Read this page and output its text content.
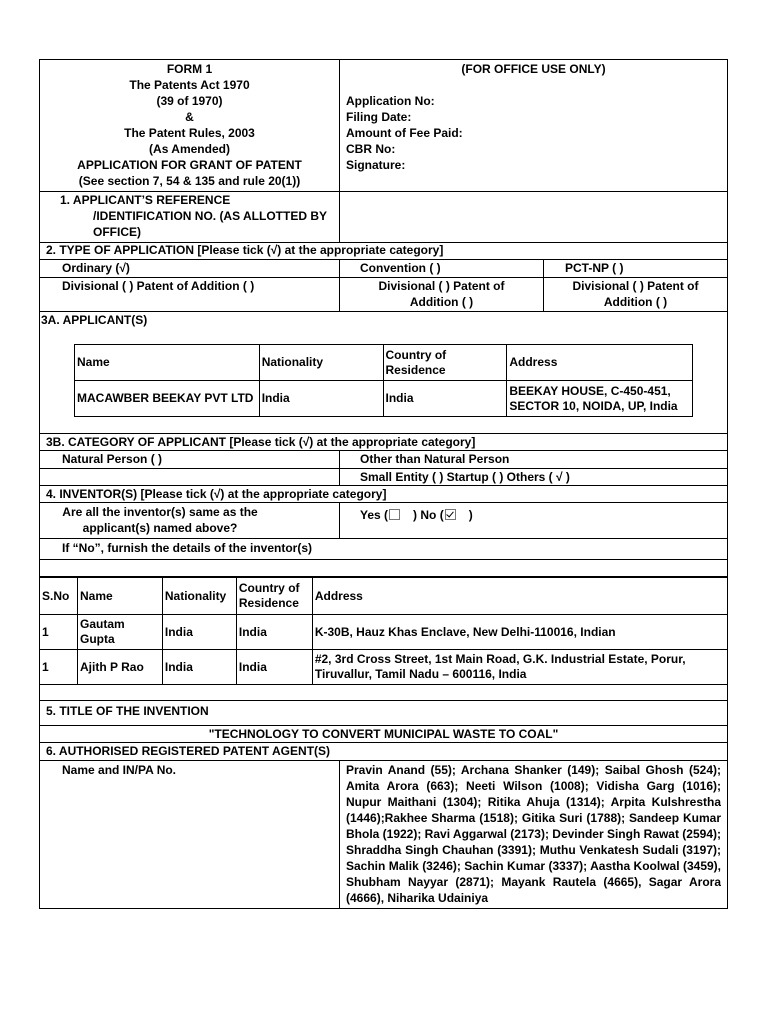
FORM 1
The Patents Act 1970
(39 of 1970)
&
The Patent Rules, 2003
(As Amended)
APPLICATION FOR GRANT OF PATENT
(See section 7, 54 & 135 and rule 20(1))
(FOR OFFICE USE ONLY)
Application No:
Filing Date:
Amount of Fee Paid:
CBR No:
Signature:
1. APPLICANT’S REFERENCE
/IDENTIFICATION NO. (AS ALLOTTED BY
OFFICE)
2. TYPE OF APPLICATION [Please tick (√) at the appropriate category]
Ordinary (√)	Convention ( )	PCT-NP ( )
Divisional ( ) Patent of Addition ( )	Divisional ( ) Patent of
Addition ( )
Divisional ( ) Patent of
Addition ( )
3A. APPLICANT(S)
Name	Nationality	Country of Residence	Address
MACAWBER BEEKAY PVT LTD	India	India	BEEKAY HOUSE, C-450-451, SECTOR 10, NOIDA, UP, India
3B. CATEGORY OF APPLICANT [Please tick (√) at the appropriate category]
Natural Person ( )	Other than Natural Person
Small Entity ( ) Startup ( ) Others ( √ )
4. INVENTOR(S) [Please tick (√) at the appropriate category]
Are all the inventor(s) same as the
applicant(s) named above?
Yes ( ) No ( )
If “No”, furnish the details of the inventor(s)
S.No	Name	Nationality	Country of Residence	Address
1	Gautam Gupta	India	India	K-30B, Hauz Khas Enclave, New Delhi-110016, Indian
1	Ajith P Rao	India	India	#2, 3rd Cross Street, 1st Main Road, G.K. Industrial Estate, Porur, Tiruvallur, Tamil Nadu – 600116, India
5. TITLE OF THE INVENTION
"TECHNOLOGY TO CONVERT MUNICIPAL WASTE TO COAL"
6. AUTHORISED REGISTERED PATENT AGENT(S)
Name and IN/PA No.	Pravin Anand (55); Archana Shanker (149); Saibal Ghosh (524); Amita Arora (663); Neeti Wilson (1008); Vidisha Garg (1016); Nupur Maithani (1304); Ritika Ahuja (1314); Arpita Kulshrestha (1446);Rakhee Sharma (1518); Gitika Suri (1788); Sandeep Kumar Bhola (1922); Ravi Aggarwal (2173); Devinder Singh Rawat (2594); Shraddha Singh Chauhan (3391); Muthu Venkatesh Sudali (3197); Sachin Malik (3246); Sachin Kumar (3337); Aastha Koolwal (3459), Shubham Nayyar (2871); Mayank Rautela (4665), Sagar Arora (4666), Niharika Udainiya
